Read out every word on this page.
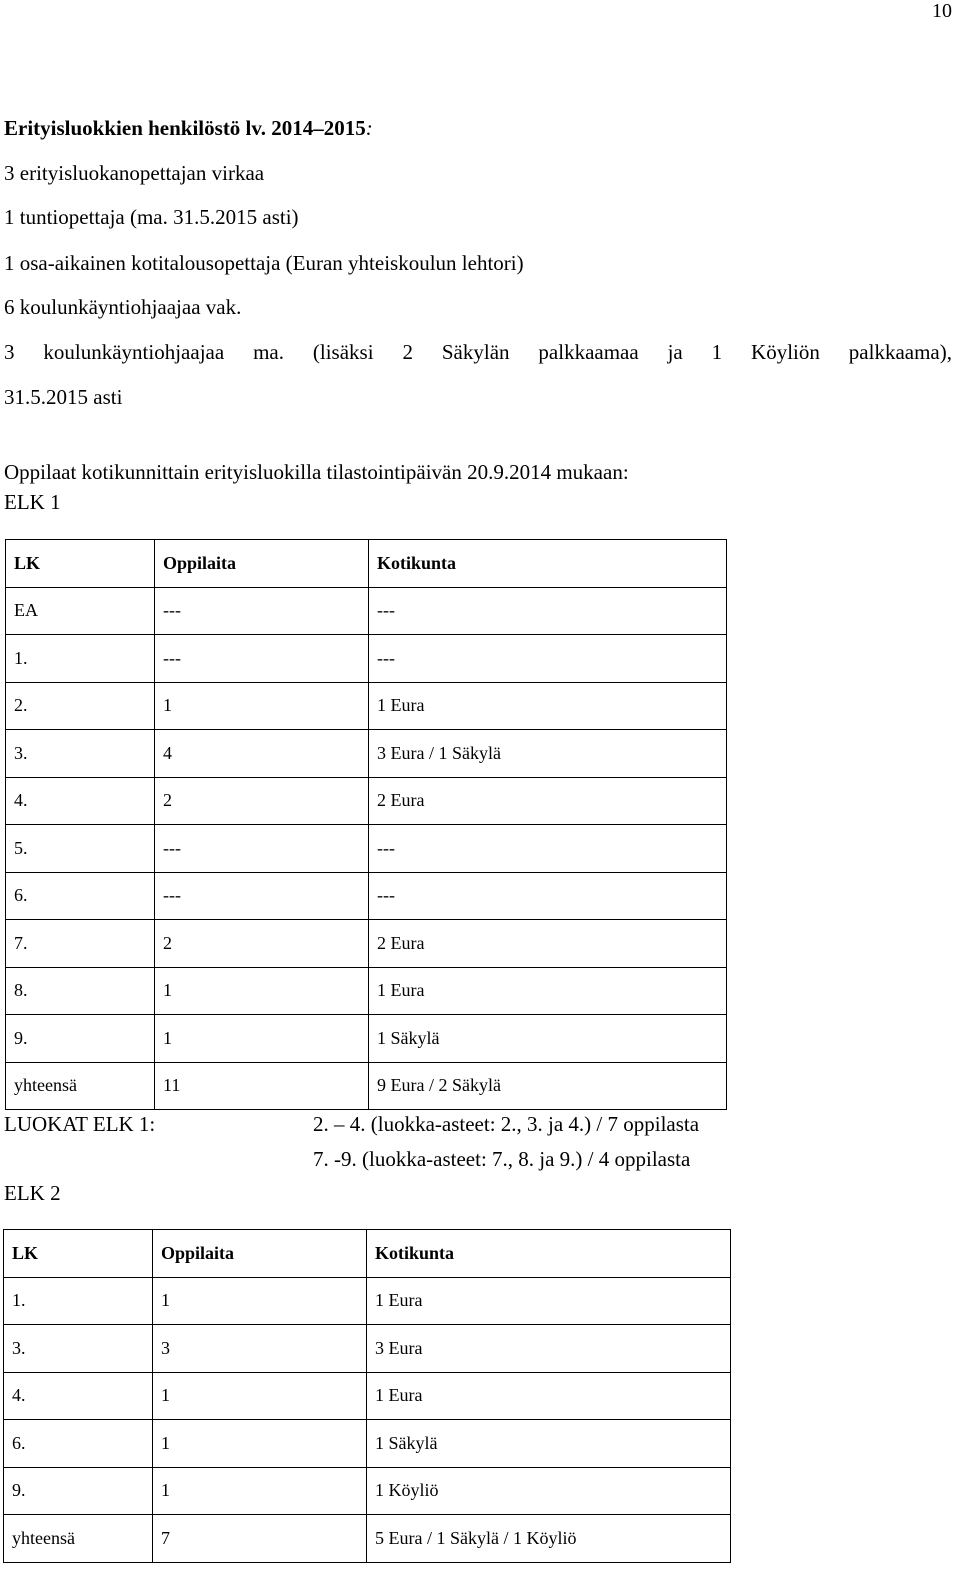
10
Erityisluokkien henkilöstö lv. 2014–2015:
3 erityisluokanopettajan virkaa
1 tuntiopettaja (ma. 31.5.2015 asti)
1 osa-aikainen kotitalousopettaja (Euran yhteiskoulun lehtori)
6 koulunkäyntiohjaajaa vak.
3 koulunkäyntiohjaajaa ma. (lisäksi 2 Säkylän palkkaamaa ja 1 Köyliön palkkaama),
31.5.2015 asti
Oppilaat kotikunnittain erityisluokilla tilastointipäivän 20.9.2014 mukaan:
ELK 1
LK	Oppilaita	Kotikunta
EA	---	---
1.	---	---
2.	1	1 Eura
3.	4	3 Eura / 1 Säkylä
4.	2	2 Eura
5.	---	---
6.	---	---
7.	2	2 Eura
8.	1	1 Eura
9.	1	1 Säkylä
yhteensä	11	9 Eura / 2 Säkylä
LUOKAT ELK 1:	2. – 4. (luokka-asteet: 2., 3. ja 4.) / 7 oppilasta
7. -9. (luokka-asteet: 7., 8. ja 9.) / 4 oppilasta
ELK 2
LK	Oppilaita	Kotikunta
1.	1	1 Eura
3.	3	3 Eura
4.	1	1 Eura
6.	1	1 Säkylä
9.	1	1 Köyliö
yhteensä	7	5 Eura / 1 Säkylä / 1 Köyliö
